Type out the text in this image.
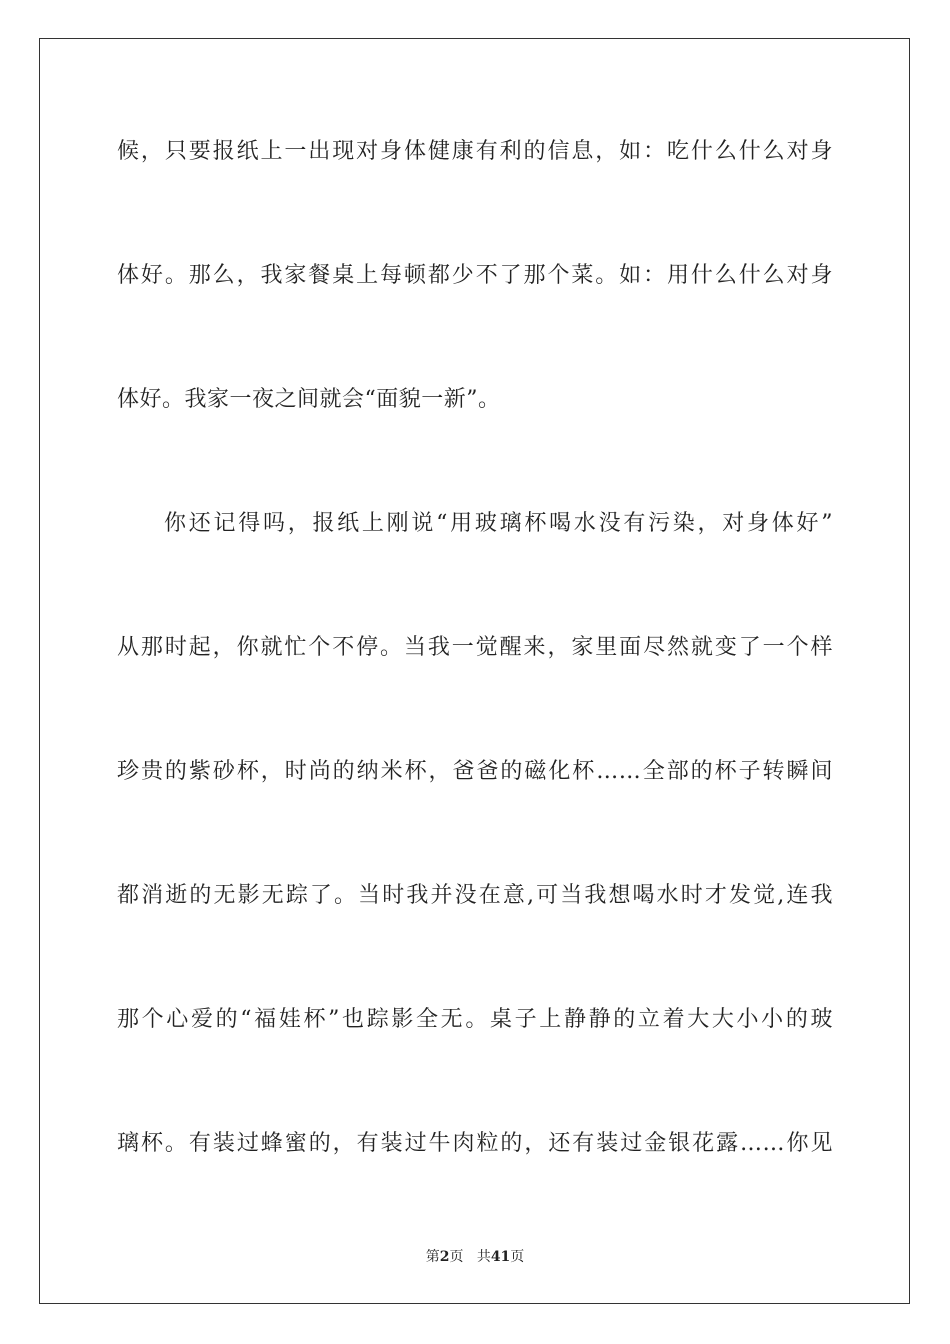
候，只要报纸上一出现对身体健康有利的信息，如：吃什么什么对身
体好。那么，我家餐桌上每顿都少不了那个菜。如：用什么什么对身
体好。我家一夜之间就会“面貌一新”。
你还记得吗，报纸上刚说“用玻璃杯喝水没有污染，对身体好”
从那时起，你就忙个不停。当我一觉醒来，家里面尽然就变了一个样
珍贵的紫砂杯，时尚的纳米杯，爸爸的磁化杯……全部的杯子转瞬间
都消逝的无影无踪了。当时我并没在意,可当我想喝水时才发觉,连我
那个心爱的“福娃杯”也踪影全无。桌子上静静的立着大大小小的玻
璃杯。有装过蜂蜜的，有装过牛肉粒的，还有装过金银花露……你见
第2页 共41页
